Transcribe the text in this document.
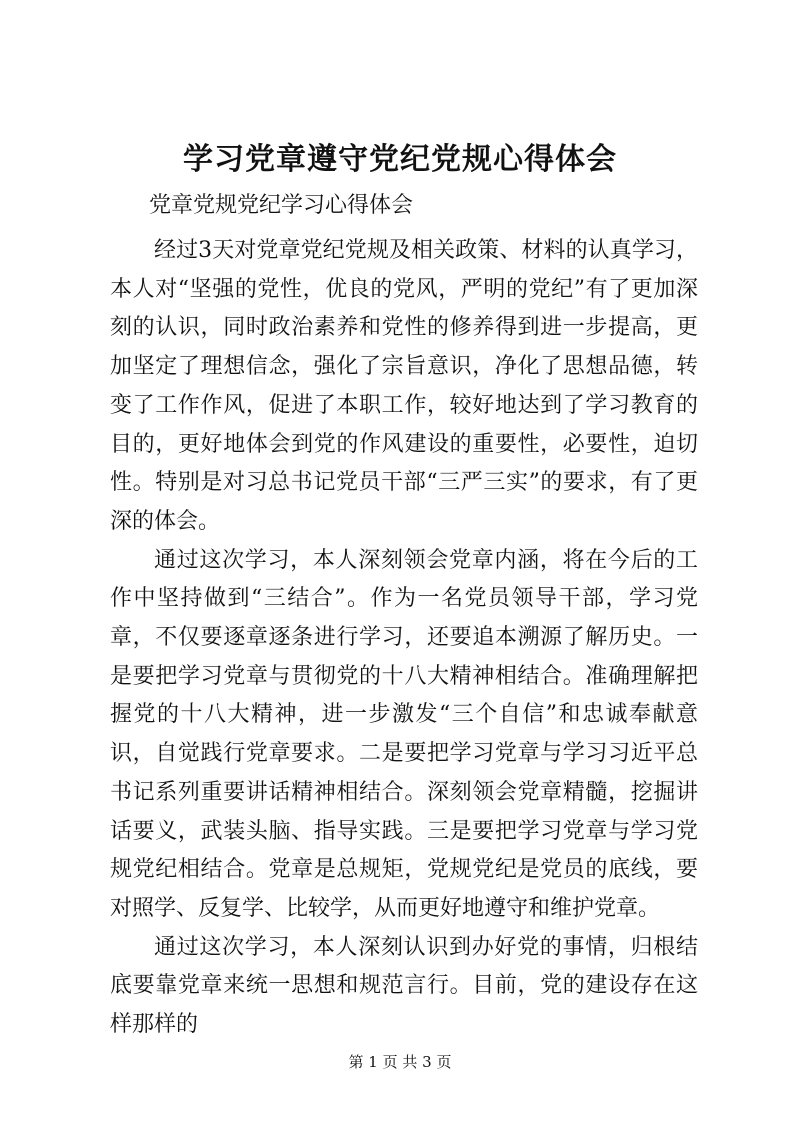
学习党章遵守党纪党规心得体会
党章党规党纪学习心得体会

经过3天对党章党纪党规及相关政策、材料的认真学习，本人对“坚强的党性，优良的党风，严明的党纪”有了更加深刻的认识，同时政治素养和党性的修养得到进一步提高，更加坚定了理想信念，强化了宗旨意识，净化了思想品德，转变了工作作风，促进了本职工作，较好地达到了学习教育的目的，更好地体会到党的作风建设的重要性，必要性，迫切性。特别是对习总书记党员干部“三严三实”的要求，有了更深的体会。

通过这次学习，本人深刻领会党章内涵，将在今后的工作中坚持做到“三结合”。作为一名党员领导干部，学习党章，不仅要逐章逐条进行学习，还要追本溯源了解历史。一是要把学习党章与贯彻党的十八大精神相结合。准确理解把握党的十八大精神，进一步激发“三个自信”和忠诚奉献意识，自觉践行党章要求。二是要把学习党章与学习习近平总书记系列重要讲话精神相结合。深刻领会党章精髓，挖掘讲话要义，武装头脑、指导实践。三是要把学习党章与学习党规党纪相结合。党章是总规矩，党规党纪是党员的底线，要对照学、反复学、比较学，从而更好地遵守和维护党章。

通过这次学习，本人深刻认识到办好党的事情，归根结底要靠党章来统一思想和规范言行。目前，党的建设存在这样那样的

第 1 页 共 3 页
